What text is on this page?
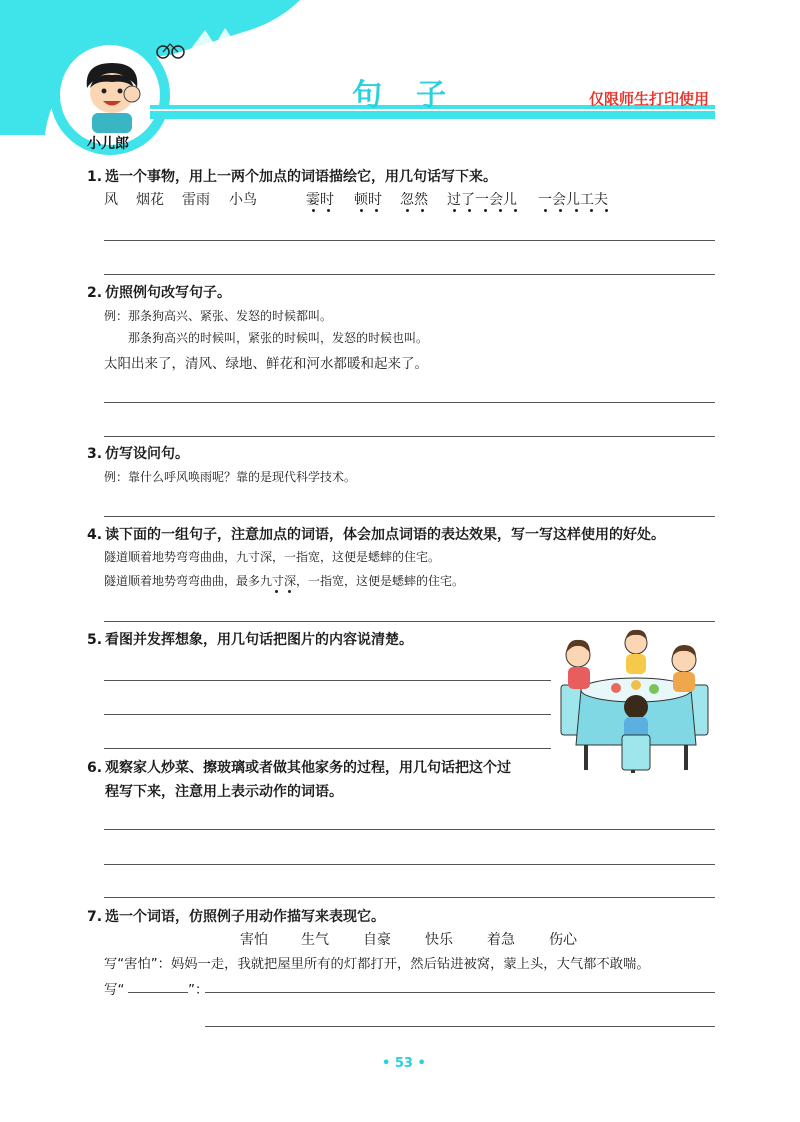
句子	仅限师生打印使用
小儿郎
1. 选一个事物，用上一两个加点的词语描绘它，用几句话写下来。
风 烟花 雷雨 小鸟	霎时 顿时 忽然 过了一会儿 一会儿工夫
2. 仿照例句改写句子。
例：那条狗高兴、紧张、发怒的时候都叫。
那条狗高兴的时候叫，紧张的时候叫，发怒的时候也叫。
太阳出来了，清风、绿地、鲜花和河水都暖和起来了。
3. 仿写设问句。
例：靠什么呼风唤雨呢？靠的是现代科学技术。
4. 读下面的一组句子，注意加点的词语，体会加点词语的表达效果，写一写这样使用的好处。
隧道顺着地势弯弯曲曲，九寸深，一指宽，这便是蟋蟀的住宅。
隧道顺着地势弯弯曲曲，最多九寸深，一指宽，这便是蟋蟀的住宅。
5. 看图并发挥想象，用几句话把图片的内容说清楚。
6. 观察家人炒菜、擦玻璃或者做其他家务的过程，用几句话把这个过
程写下来，注意用上表示动作的词语。
7. 选一个词语，仿照例子用动作描写来表现它。
害怕 生气 自豪 快乐 着急 伤心
写“害怕”：妈妈一走，我就把屋里所有的灯都打开，然后钻进被窝，蒙上头，大气都不敢喘。
写“	”：
• 53 •
